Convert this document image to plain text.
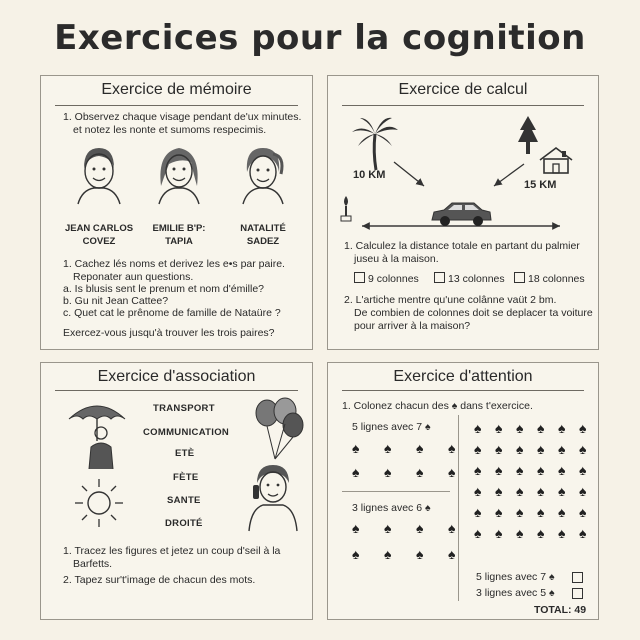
Exercices pour la cognition
Exercice de mémoire
1. Observez chaque visage pendant de'ux minutes.
et notez les nonte et sumoms respecimis.
JEAN CARLOS
COVEZ
EMILIE B'P:
TAPIA
NATALITÉ
SADEZ
1. Cachez lés noms et derivez les e•s par paire.
Reponater aun questions.
a. Is blusis sent le prenum et nom d'émille?
b. Gu nit Jean Cattee?
c. Quet cat le prênome de famille de Nataüre ?
Exercez-vous jusqu'à trouver les trois paires?
Exercice de calcul
10 KM
15 KM
1. Calculez la distance totale en partant du palmier
juseu à la maison.
9 colonnes	13 colonnes	18 colonnes
2. L'artiche mentre qu'une colânne vaüt 2 bm.
De combien de colonnes doit se deplacer ta voiture
pour arriver à la maison?
Exercice d'association
TRANSPORT
COMMUNICATION
ETÈ
FÈTE
SANTE
DROITÉ
1. Tracez les figures et jetez un coup d'seil à la
Barfetts.
2. Tapez sur't'image de chacun des mots.
Exercice d'attention
1. Colonez chacun des ♠ dans t'exercice.
5 lignes avec 7 ♠
3 lignes avec 6 ♠
♠ ♠ ♠ ♠
♠ ♠ ♠ ♠
♠ ♠ ♠ ♠
♠ ♠ ♠ ♠
♠ ♠ ♠ ♠ ♠ ♠
♠ ♠ ♠ ♠ ♠ ♠
♠ ♠ ♠ ♠ ♠ ♠
♠ ♠ ♠ ♠ ♠ ♠
♠ ♠ ♠ ♠ ♠ ♠
♠ ♠ ♠ ♠ ♠ ♠
5 lignes avec 7 ♠
3 lignes avec 5 ♠
TOTAL: 49
